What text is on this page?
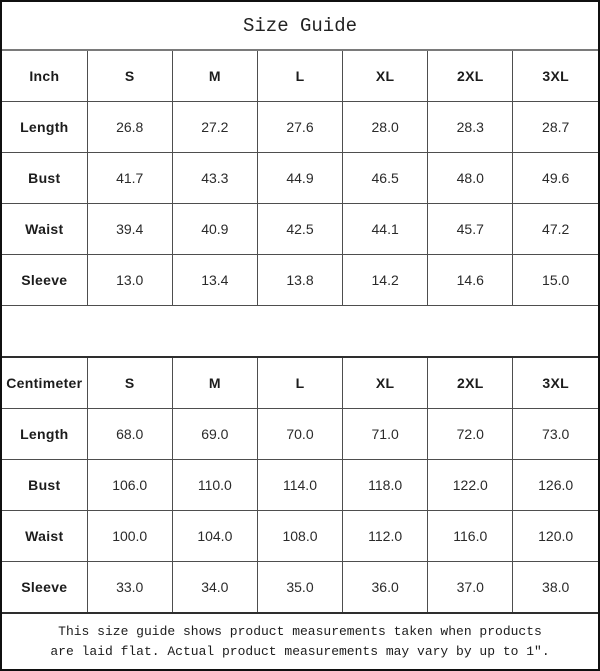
Size Guide
Inch	S	M	L	XL	2XL	3XL
Length	26.8	27.2	27.6	28.0	28.3	28.7
Bust	41.7	43.3	44.9	46.5	48.0	49.6
Waist	39.4	40.9	42.5	44.1	45.7	47.2
Sleeve	13.0	13.4	13.8	14.2	14.6	15.0
Centimeter	S	M	L	XL	2XL	3XL
Length	68.0	69.0	70.0	71.0	72.0	73.0
Bust	106.0	110.0	114.0	118.0	122.0	126.0
Waist	100.0	104.0	108.0	112.0	116.0	120.0
Sleeve	33.0	34.0	35.0	36.0	37.0	38.0
This size guide shows product measurements taken when products
are laid flat. Actual product measurements may vary by up to 1″.
